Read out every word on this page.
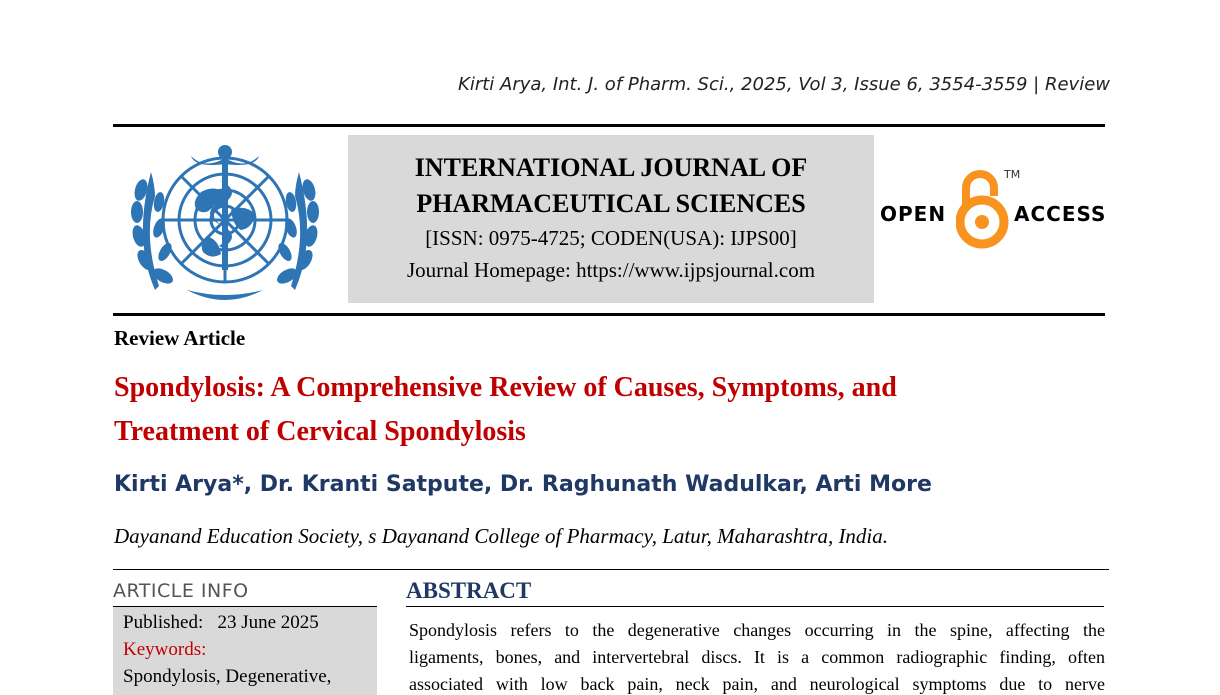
Kirti Arya, Int. J. of Pharm. Sci., 2025, Vol 3, Issue 6, 3554-3559 | Review
INTERNATIONAL JOURNAL OF
PHARMACEUTICAL SCIENCES
[ISSN: 0975-4725; CODEN(USA): IJPS00]
Journal Homepage: https://www.ijpsjournal.com
OPEN
TM
ACCESS
Review Article
Spondylosis: A Comprehensive Review of Causes, Symptoms, and
Treatment of Cervical Spondylosis
Kirti Arya*, Dr. Kranti Satpute, Dr. Raghunath Wadulkar, Arti More
Dayanand Education Society, s Dayanand College of Pharmacy, Latur, Maharashtra, India.
ARTICLE INFO
Published: 23 June 2025
Keywords:
Spondylosis, Degenerative,
ABSTRACT
Spondylosis refers to the degenerative changes occurring in the spine, affecting the
ligaments, bones, and intervertebral discs. It is a common radiographic finding, often
associated with low back pain, neck pain, and neurological symptoms due to nerve
